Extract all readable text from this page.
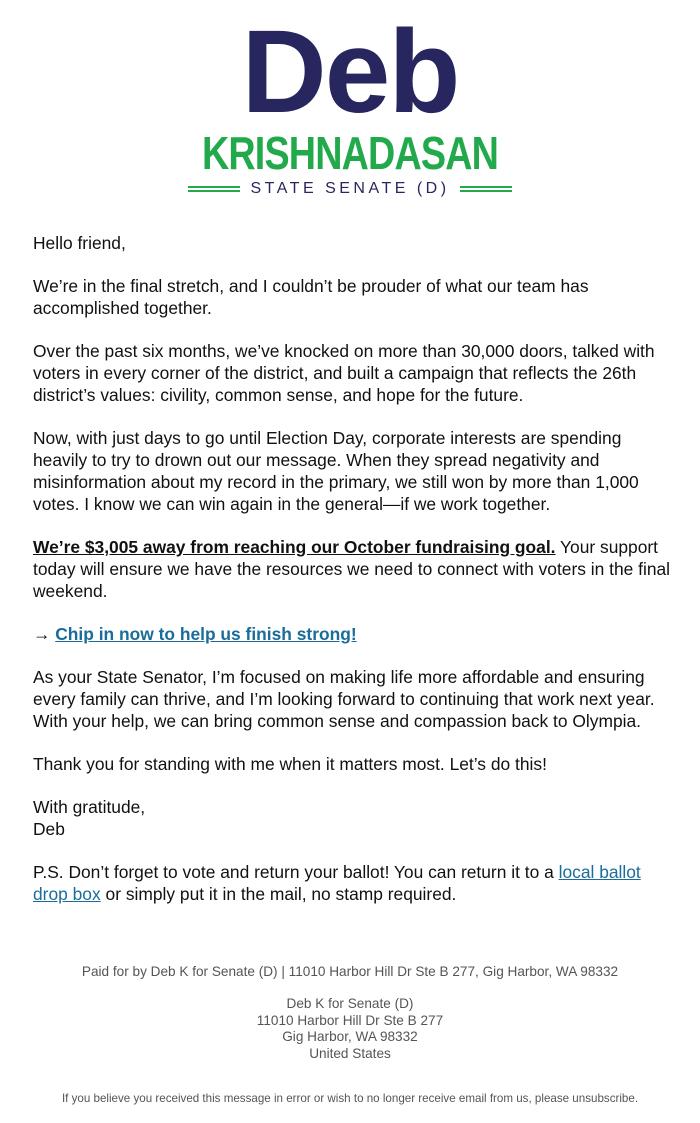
Deb
KRISHNADASAN
STATE SENATE (D)

Hello friend,

We’re in the final stretch, and I couldn’t be prouder of what our team has accomplished together.

Over the past six months, we’ve knocked on more than 30,000 doors, talked with voters in every corner of the district, and built a campaign that reflects the 26th district’s values: civility, common sense, and hope for the future.

Now, with just days to go until Election Day, corporate interests are spending heavily to try to drown out our message. When they spread negativity and misinformation about my record in the primary, we still won by more than 1,000 votes. I know we can win again in the general—if we work together.

We’re $3,005 away from reaching our October fundraising goal. Your support today will ensure we have the resources we need to connect with voters in the final weekend.

→ Chip in now to help us finish strong!

As your State Senator, I’m focused on making life more affordable and ensuring every family can thrive, and I’m looking forward to continuing that work next year. With your help, we can bring common sense and compassion back to Olympia.

Thank you for standing with me when it matters most. Let’s do this!

With gratitude,
Deb

P.S. Don’t forget to vote and return your ballot! You can return it to a local ballot drop box or simply put it in the mail, no stamp required.

Paid for by Deb K for Senate (D) | 11010 Harbor Hill Dr Ste B 277, Gig Harbor, WA 98332
Deb K for Senate (D)
11010 Harbor Hill Dr Ste B 277
Gig Harbor, WA 98332
United States
If you believe you received this message in error or wish to no longer receive email from us, please unsubscribe.
